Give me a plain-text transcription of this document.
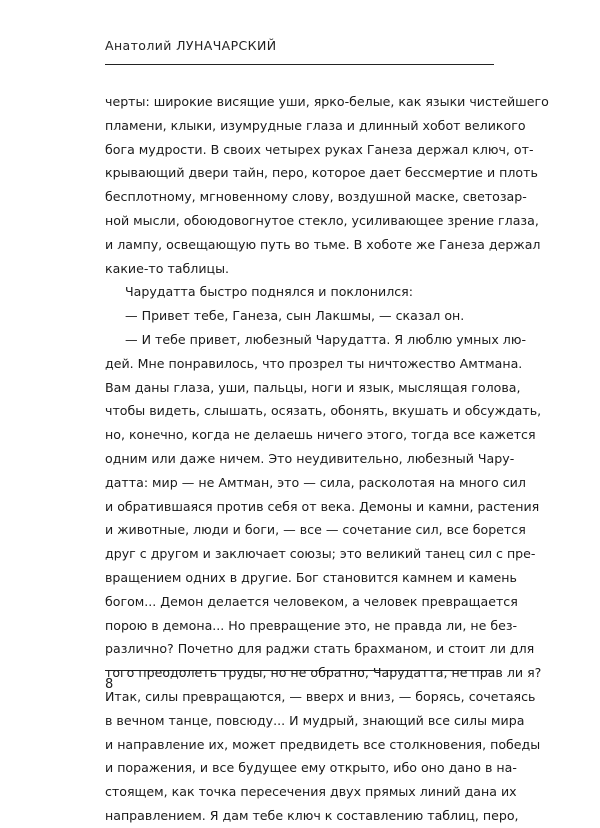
Анатолий ЛУНАЧАРСКИЙ
черты: широкие висящие уши, ярко-белые, как языки чистейшего
пламени, клыки, изумрудные глаза и длинный хобот великого
бога мудрости. В своих четырех руках Ганеза держал ключ, от-
крывающий двери тайн, перо, которое дает бессмертие и плоть
бесплотному, мгновенному слову, воздушной маске, светозар-
ной мысли, обоюдовогнутое стекло, усиливающее зрение глаза,
и лампу, освещающую путь во тьме. В хоботе же Ганеза держал
какие-то таблицы.
Чарудатта быстро поднялся и поклонился:
— Привет тебе, Ганеза, сын Лакшмы, — сказал он.
— И тебе привет, любезный Чарудатта. Я люблю умных лю-
дей. Мне понравилось, что прозрел ты ничтожество Амтмана.
Вам даны глаза, уши, пальцы, ноги и язык, мыслящая голова,
чтобы видеть, слышать, осязать, обонять, вкушать и обсуждать,
но, конечно, когда не делаешь ничего этого, тогда все кажется
одним или даже ничем. Это неудивительно, любезный Чару-
датта: мир — не Амтман, это — сила, расколотая на много сил
и обратившаяся против себя от века. Демоны и камни, растения
и животные, люди и боги, — все — сочетание сил, все борется
друг с другом и заключает союзы; это великий танец сил с пре-
вращением одних в другие. Бог становится камнем и камень
богом... Демон делается человеком, а человек превращается
порою в демона... Но превращение это, не правда ли, не без-
различно? Почетно для раджи стать брахманом, и стоит ли для
того преодолеть труды, но не обратно, Чарудатта, не прав ли я?
Итак, силы превращаются, — вверх и вниз, — борясь, сочетаясь
в вечном танце, повсюду... И мудрый, знающий все силы мира
и направление их, может предвидеть все столкновения, победы
и поражения, и все будущее ему открыто, ибо оно дано в на-
стоящем, как точка пересечения двух прямых линий дана их
направлением. Я дам тебе ключ к составлению таблиц, перо,
8
